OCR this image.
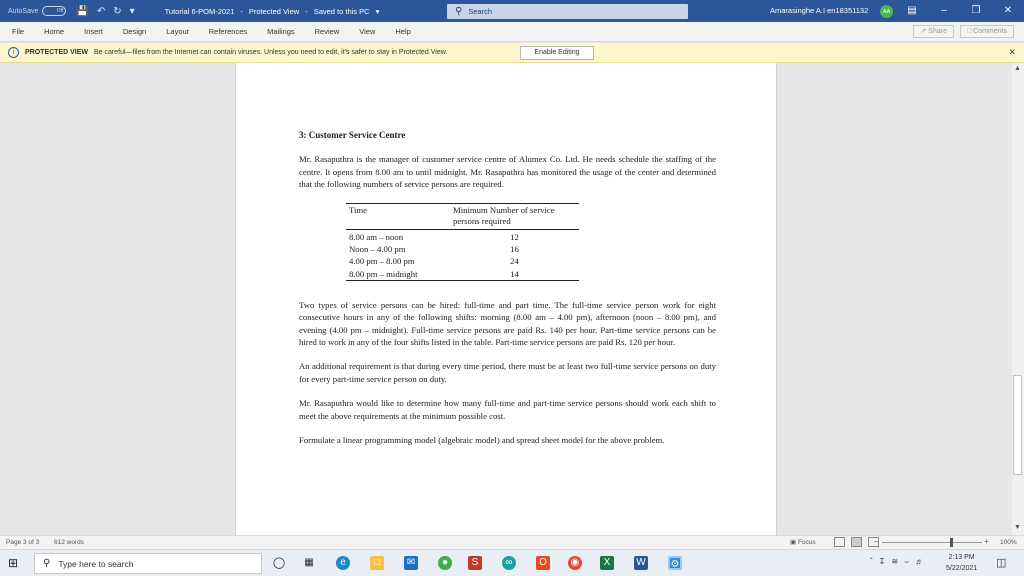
AutoSave	Off 💾 ↶ ↻ ▾	Tutorial 6-POM-2021 - Protected View - Saved to this PC ▾	⚲ Search	Amarasinghe A.I en18351132	AA	▤	–	❐	✕
File	Home	Insert	Design	Layout	References	Mailings	Review	View	Help	↗ Share	□ Comments
i	PROTECTED VIEW Be careful—files from the Internet can contain viruses. Unless you need to edit, it's safer to stay in Protected View.	Enable Editing	✕
3: Customer Service Centre
Mr. Rasaputhra is the manager of customer service centre of Alumex Co. Ltd. He needs schedule the staffing of the centre. It opens from 8.00 am to until midnight. Mr. Rasaputhra has monitored the usage of the center and determined that the following numbers of service persons are required.
Time	Minimum Number of service persons required
8.00 am – noon	12
Noon – 4.00 pm	16
4.00 pm – 8.00 pm	24
8.00 pm – midnight	14
Two types of service persons can be hired: full-time and part time. The full-time service person work for eight consecutive hours in any of the following shifts: morning (8.00 am – 4.00 pm), afternoon (noon – 8.00 pm), and evening (4.00 pm – midnight). Full-time service persons are paid Rs. 140 per hour. Part-time service persons can be hired to work in any of the four shifts listed in the table. Part-time service persons are paid Rs. 120 per hour.
An additional requirement is that during every time period, there must be at least two full-time service persons on duty for every part-time service person on duty.
Mr. Rasaputhra would like to determine how many full-time and part-time service persons should work each shift to meet the above requirements at the minimum possible cost.
Formulate a linear programming model (algebraic model) and spread sheet model for the above problem.
▲
▼
Page 3 of 3 612 words	▣ Focus	–	+ 100%
⊞ ⚲ Type here to search	◯ ▦	e	□	✉	●	S	∞	O	◉	X	W ⚙	ˆ ↧ ≋ ⌣ ♬	2:13 PM
5/22/2021 ◫
